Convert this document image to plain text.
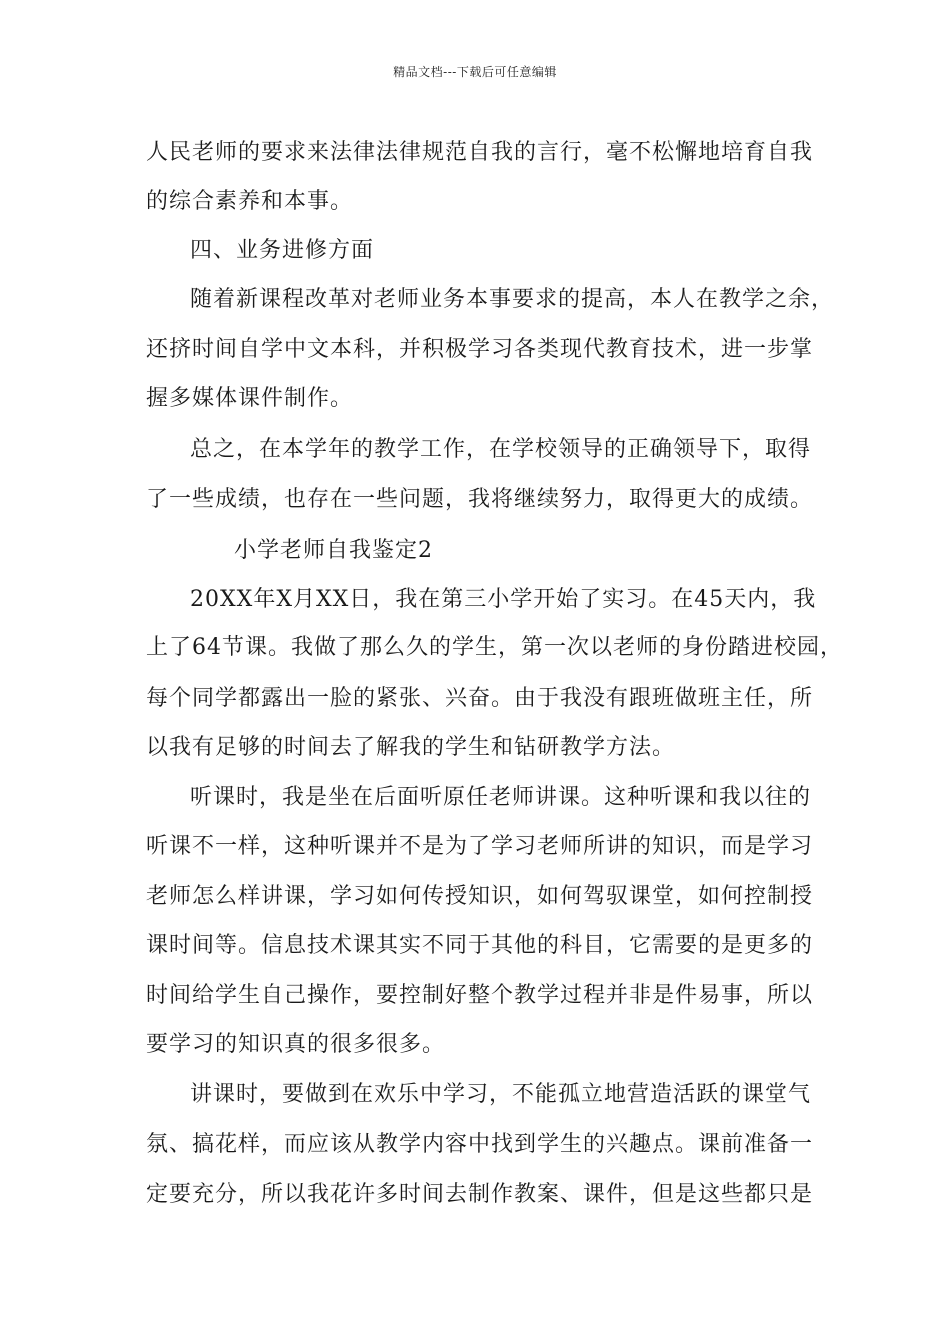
精品文档---下载后可任意编辑
人民老师的要求来法律法律规范自我的言行，毫不松懈地培育自我
的综合素养和本事。
四、业务进修方面
随着新课程改革对老师业务本事要求的提高，本人在教学之余，
还挤时间自学中文本科，并积极学习各类现代教育技术，进一步掌
握多媒体课件制作。
总之，在本学年的教学工作，在学校领导的正确领导下，取得
了一些成绩，也存在一些问题，我将继续努力，取得更大的成绩。
小学老师自我鉴定2
20XX年X月XX日，我在第三小学开始了实习。在45天内，我
上了64节课。我做了那么久的学生，第一次以老师的身份踏进校园，
每个同学都露出一脸的紧张、兴奋。由于我没有跟班做班主任，所
以我有足够的时间去了解我的学生和钻研教学方法。
听课时，我是坐在后面听原任老师讲课。这种听课和我以往的
听课不一样，这种听课并不是为了学习老师所讲的知识，而是学习
老师怎么样讲课，学习如何传授知识，如何驾驭课堂，如何控制授
课时间等。信息技术课其实不同于其他的科目，它需要的是更多的
时间给学生自己操作，要控制好整个教学过程并非是件易事，所以
要学习的知识真的很多很多。
讲课时，要做到在欢乐中学习，不能孤立地营造活跃的课堂气
氛、搞花样，而应该从教学内容中找到学生的兴趣点。课前准备一
定要充分，所以我花许多时间去制作教案、课件，但是这些都只是
